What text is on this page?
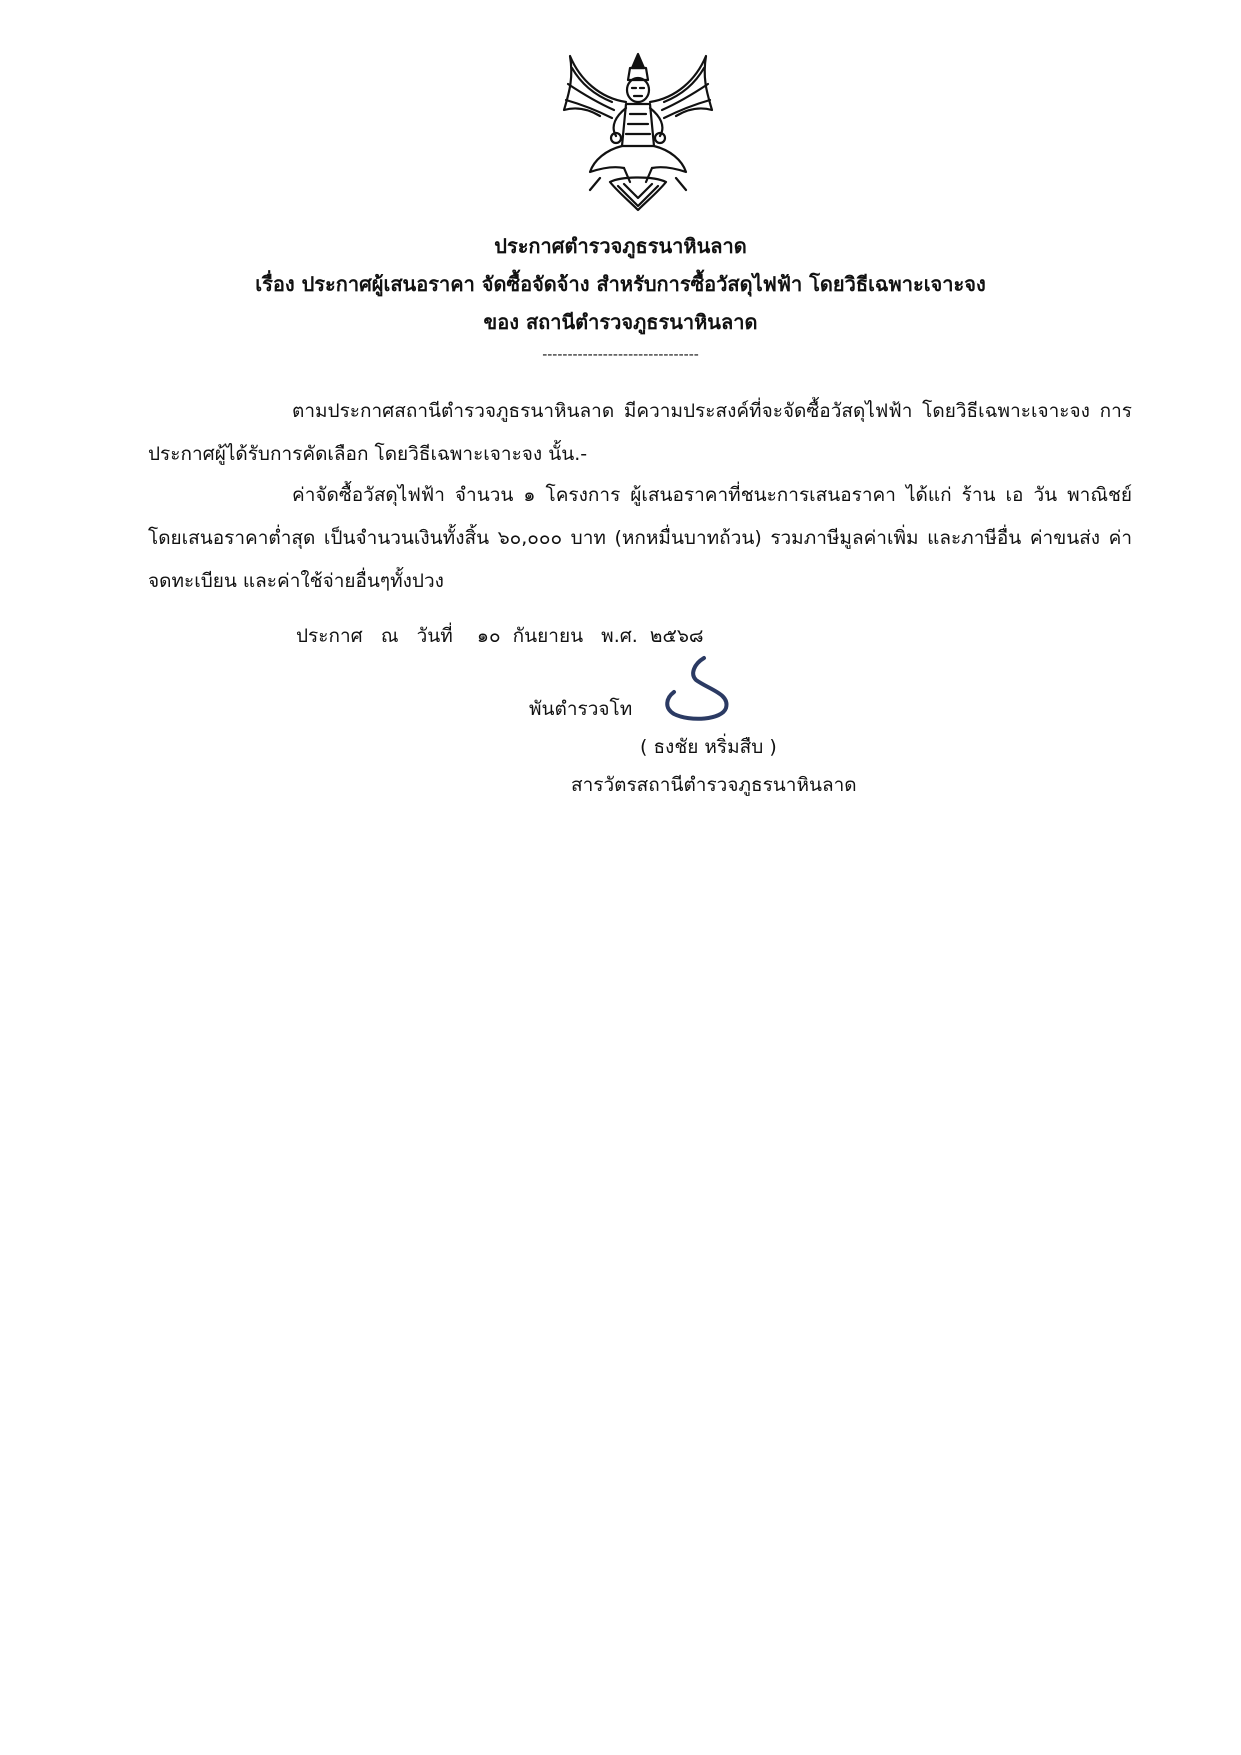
ประกาศตำรวจภูธรนาหินลาด
เรื่อง ประกาศผู้เสนอราคา จัดซื้อจัดจ้าง สำหรับการซื้อวัสดุไฟฟ้า โดยวิธีเฉพาะเจาะจง
ของ สถานีตำรวจภูธรนาหินลาด
-------------------------------
ตามประกาศสถานีตำรวจภูธรนาหินลาด มีความประสงค์ที่จะจัดซื้อวัสดุไฟฟ้า โดยวิธีเฉพาะเจาะจง การประกาศผู้ได้รับการคัดเลือก โดยวิธีเฉพาะเจาะจง นั้น.-
ค่าจัดซื้อวัสดุไฟฟ้า จำนวน ๑ โครงการ ผู้เสนอราคาที่ชนะการเสนอราคา ได้แก่ ร้าน เอ วัน พาณิชย์ โดยเสนอราคาต่ำสุด เป็นจำนวนเงินทั้งสิ้น ๖๐,๐๐๐ บาท (หกหมื่นบาทถ้วน) รวมภาษีมูลค่าเพิ่ม และภาษีอื่น ค่าขนส่ง ค่าจดทะเบียน และค่าใช้จ่ายอื่นๆทั้งปวง
ประกาศ   ณ   วันที่    ๑๐  กันยายน   พ.ศ.  ๒๕๖๘
พันตำรวจโท
( ธงชัย หริ่มสืบ )
สารวัตรสถานีตำรวจภูธรนาหินลาด
